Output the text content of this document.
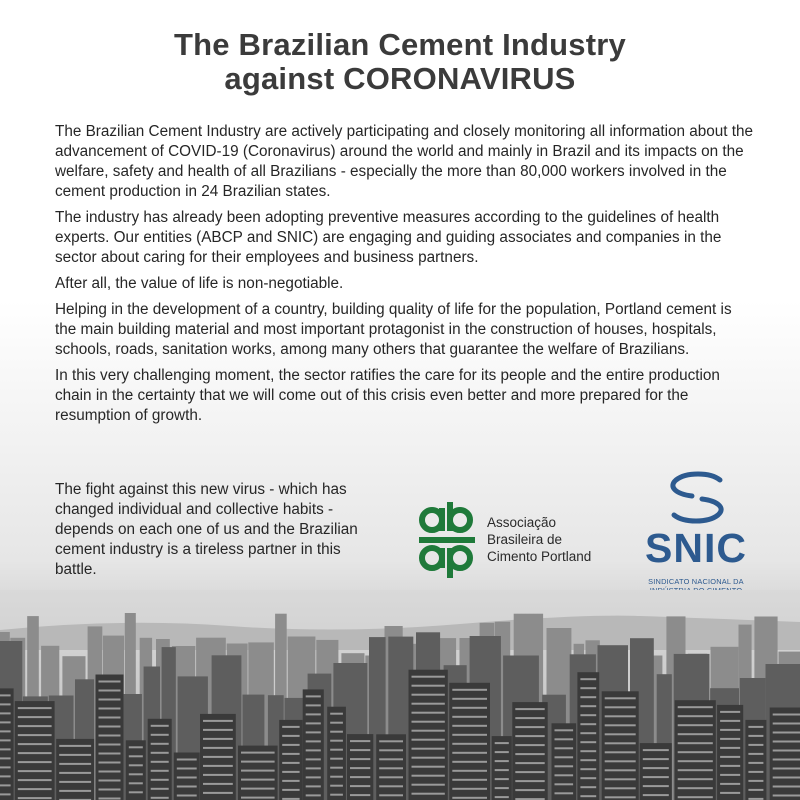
The Brazilian Cement Industry
against CORONAVIRUS

The Brazilian Cement Industry are actively participating and closely monitoring all information about the advancement of COVID-19 (Coronavirus) around the world and mainly in Brazil and its impacts on the welfare, safety and health of all Brazilians - especially the more than 80,000 workers involved in the cement production in 24 Brazilian states.

The industry has already been adopting preventive measures according to the guidelines of health experts. Our entities (ABCP and SNIC) are engaging and guiding associates and companies in the sector about caring for their employees and business partners.

After all, the value of life is non-negotiable.

Helping in the development of a country, building quality of life for the population, Portland cement is the main building material and most important protagonist in the construction of houses, hospitals, schools, roads, sanitation works, among many others that guarantee the welfare of Brazilians.

In this very challenging moment, the sector ratifies the care for its people and the entire production chain in the certainty that we will come out of this crisis even better and more prepared for the resumption of growth.

The fight against this new virus - which has changed individual and collective habits - depends on each one of us and the Brazilian cement industry is a tireless partner in this battle.

Associação
Brasileira de
Cimento Portland SNIC
SINDICATO NACIONAL DA
